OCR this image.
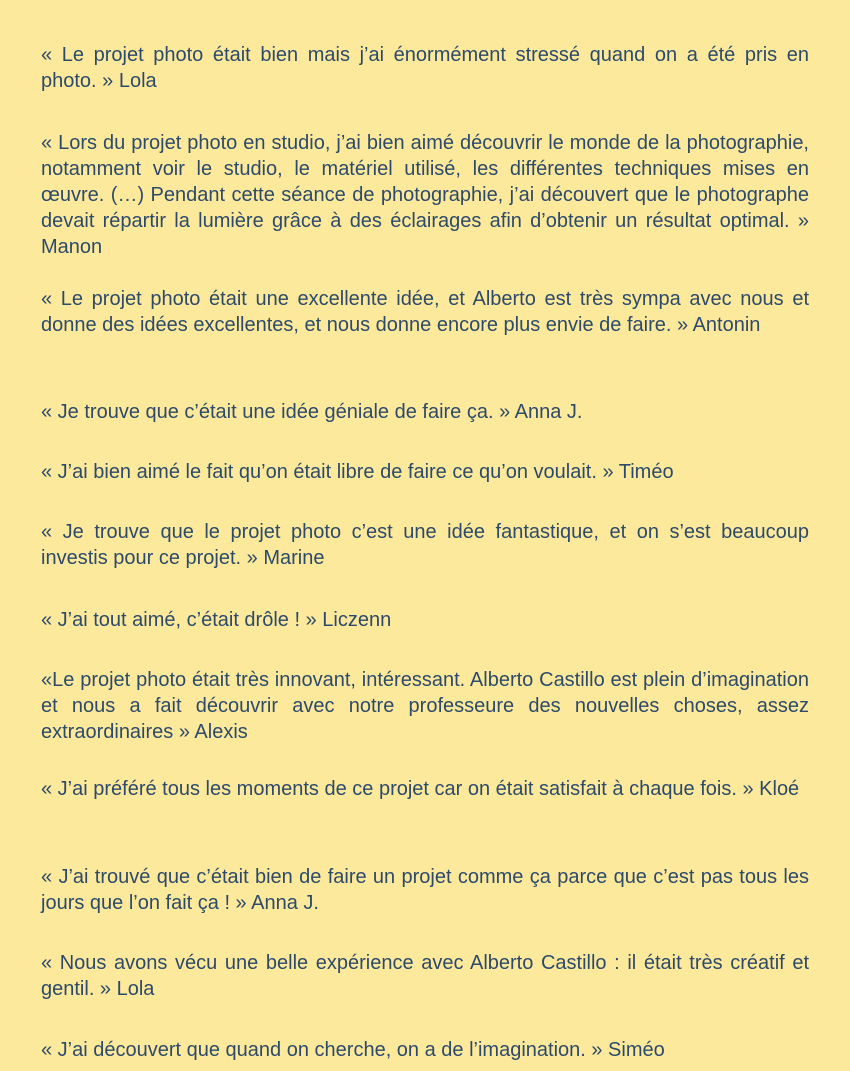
« Le projet photo était bien mais j’ai énormément stressé quand on a été pris en photo. » Lola

« Lors du projet photo en studio, j’ai bien aimé découvrir le monde de la photographie, notamment voir le studio, le matériel utilisé, les différentes techniques mises en œuvre. (…) Pendant cette séance de photographie, j’ai découvert que le photographe devait répartir la lumière grâce à des éclairages afin d’obtenir un résultat optimal. » Manon

« Le projet photo était une excellente idée, et Alberto est très sympa avec nous et donne des idées excellentes, et nous donne encore plus envie de faire. » Antonin

« Je trouve que c’était une idée géniale de faire ça. » Anna J.

« J’ai bien aimé le fait qu’on était libre de faire ce qu’on voulait. » Timéo

« Je trouve que le projet photo c’est une idée fantastique, et on s’est beaucoup investis pour ce projet. » Marine

« J’ai tout aimé, c’était drôle ! » Liczenn

«Le projet photo était très innovant, intéressant. Alberto Castillo est plein d’imagination et nous a fait découvrir avec notre professeure des nouvelles choses, assez extraordinaires » Alexis

« J’ai préféré tous les moments de ce projet car on était satisfait à chaque fois. » Kloé

« J’ai trouvé que c’était bien de faire un projet comme ça parce que c’est pas tous les jours que l’on fait ça ! » Anna J.

« Nous avons vécu une belle expérience avec Alberto Castillo : il était très créatif et gentil. » Lola

« J’ai découvert que quand on cherche, on a de l’imagination. » Siméo
